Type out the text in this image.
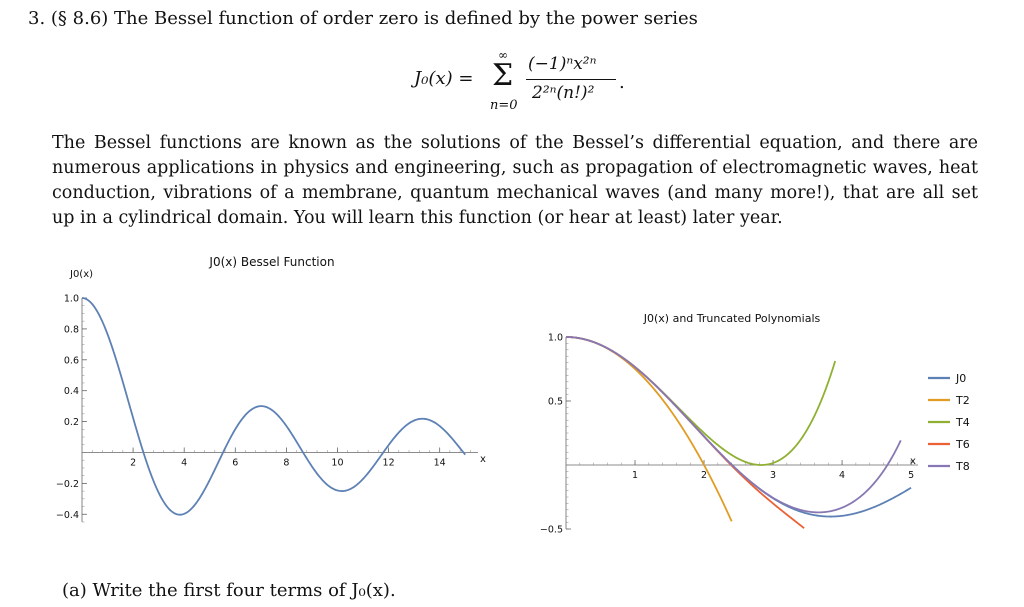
3. (§ 8.6) The Bessel function of order zero is defined by the power series
J₀(x) =
∞
Σ
n=0
(−1)ⁿx²ⁿ
2²ⁿ(n!)² .
The Bessel functions are known as the solutions of the Bessel’s differential equation, and there are numerous applications in physics and engineering, such as propagation of electromagnetic waves, heat conduction, vibrations of a membrane, quantum mechanical waves (and many more!), that are all set up in a cylindrical domain. You will learn this function (or hear at least) later year.
J0(x) Bessel Function
J0(x)
x
2	4	6	8	10	12	14
−0.4
−0.2
0.2
0.4
0.6
0.8
1.0
J0(x) and Truncated Polynomials
x
1	2	3	4	5
−0.5
0.5
1.0
J0
T2
T4
T6
T8
(a) Write the first four terms of J₀(x).
